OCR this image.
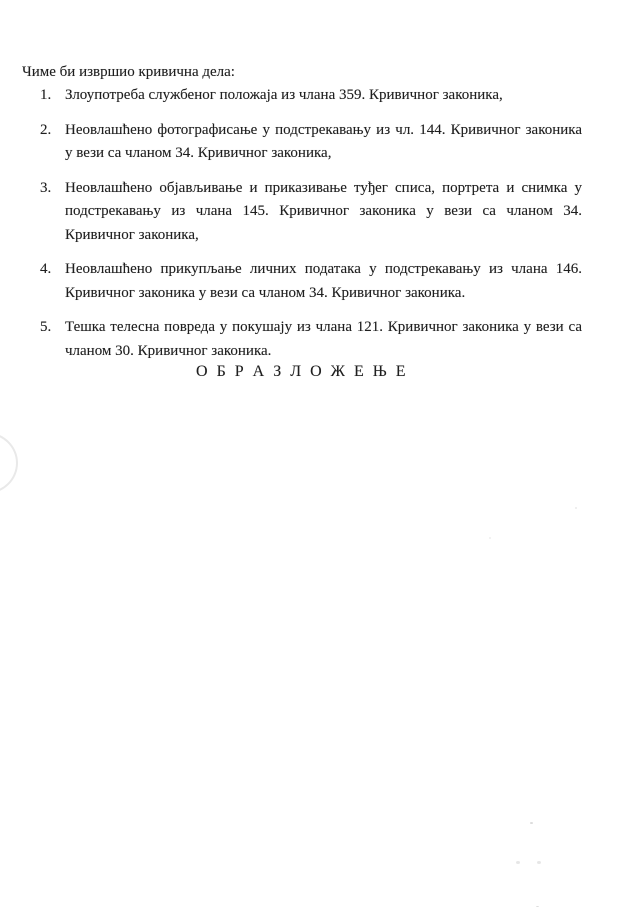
Чиме би извршио кривична дела:

1. Злоупотреба службеног положаја из члана 359. Кривичног законика,
2. Неовлашћено фотографисање у подстрекавању из чл. 144. Кривичног законика у вези са чланом 34. Кривичног законика,
3. Неовлашћено објављивање и приказивање туђег списа, портрета и снимка у подстрекавању из члана 145. Кривичног законика у вези са чланом 34. Кривичног законика,
4. Неовлашћено прикупљање личних података у подстрекавању из члана 146. Кривичног законика у вези са чланом 34. Кривичног законика.
5. Тешка телесна повреда у покушају из члана 121. Кривичног законика у вези са чланом 30. Кривичног законика.
О Б Р А З Л О Ж Е Њ Е
